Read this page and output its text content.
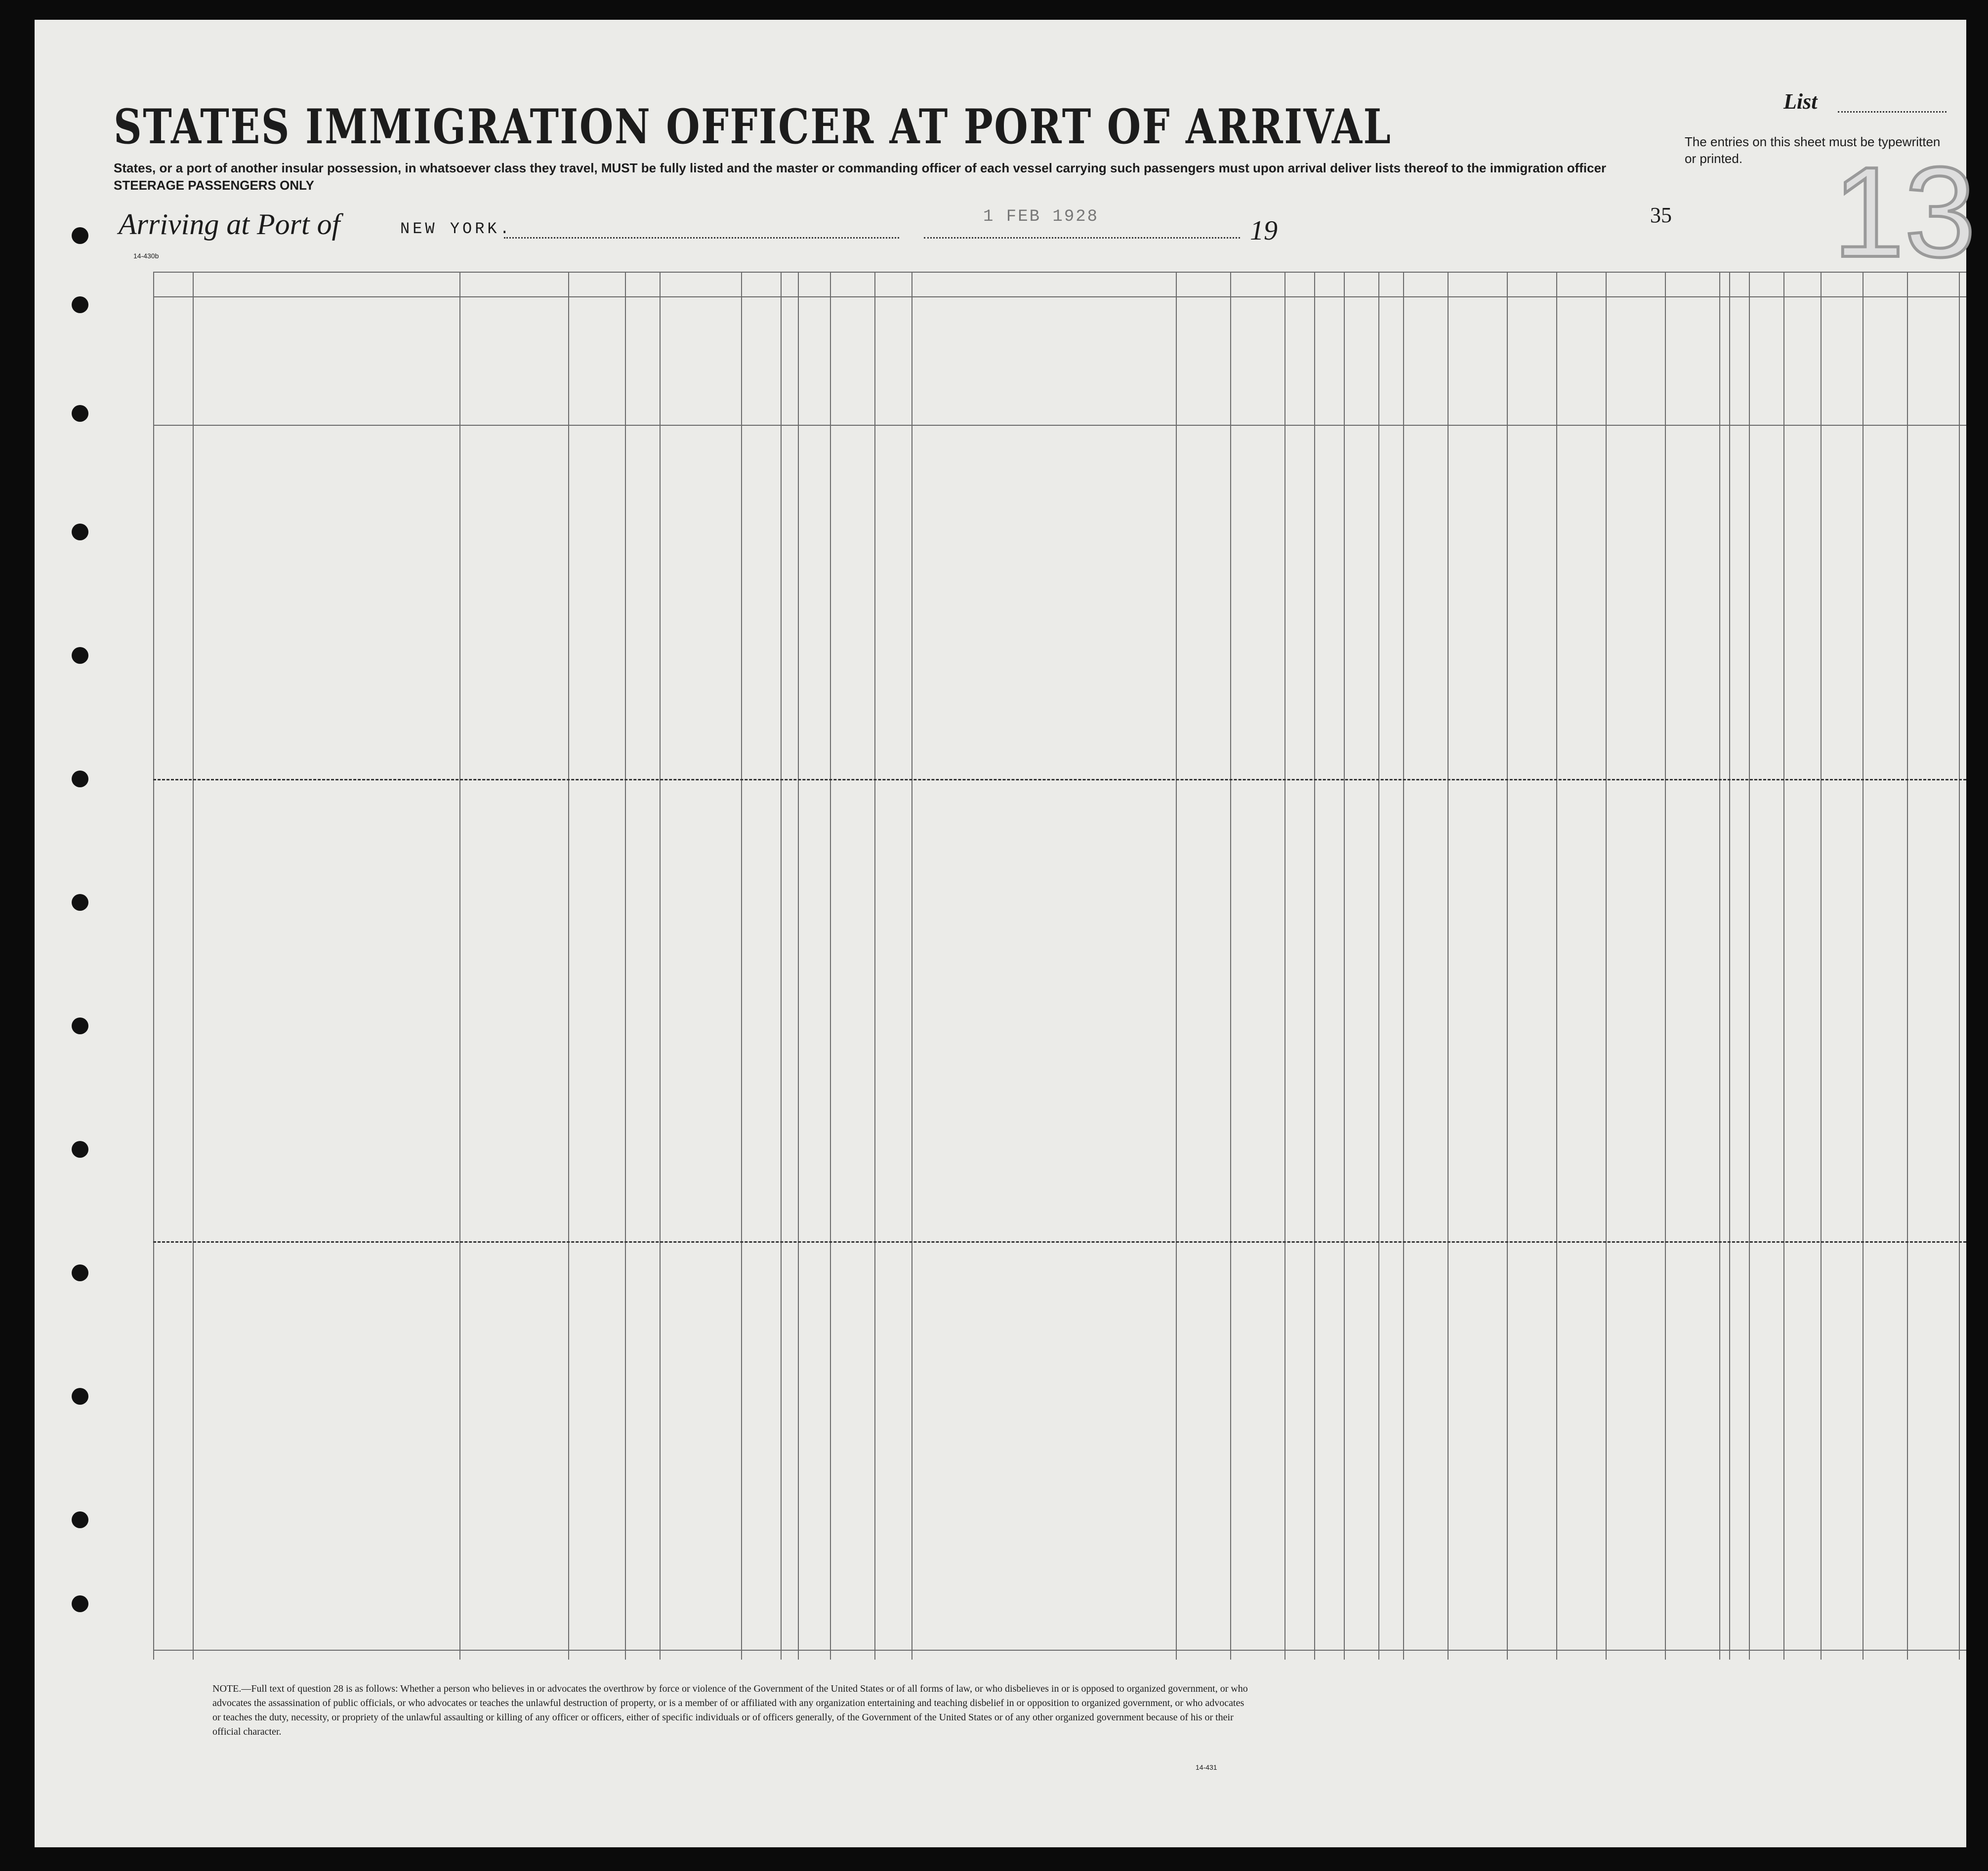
STATES IMMIGRATION OFFICER AT PORT OF ARRIVAL
States, or a port of another insular possession, in whatsoever class they travel, MUST be fully listed and the master or commanding officer of each vessel carrying such passengers must upon arrival deliver lists thereof to the immigration officer
STEERAGE PASSENGERS ONLY
Arriving at Port of	NEW YORK.
1 FEB 1928	19
14-430b
List
The entries on this sheet must be typewritten or printed. 13
35
NOTE.—Full text of question 28 is as follows: Whether a person who believes in or advocates the overthrow by force or violence of the Government of the United States or of all forms of law, or who disbelieves in or is opposed to organized government, or who advocates the assassination of public officials, or who advocates or teaches the unlawful destruction of property, or is a member of or affiliated with any organization entertaining and teaching disbelief in or opposition to organized government, or who advocates or teaches the duty, necessity, or propriety of the unlawful assaulting or killing of any officer or officers, either of specific individuals or of officers generally, of the Government of the United States or of any other organized government because of his or their official character.
14-431
